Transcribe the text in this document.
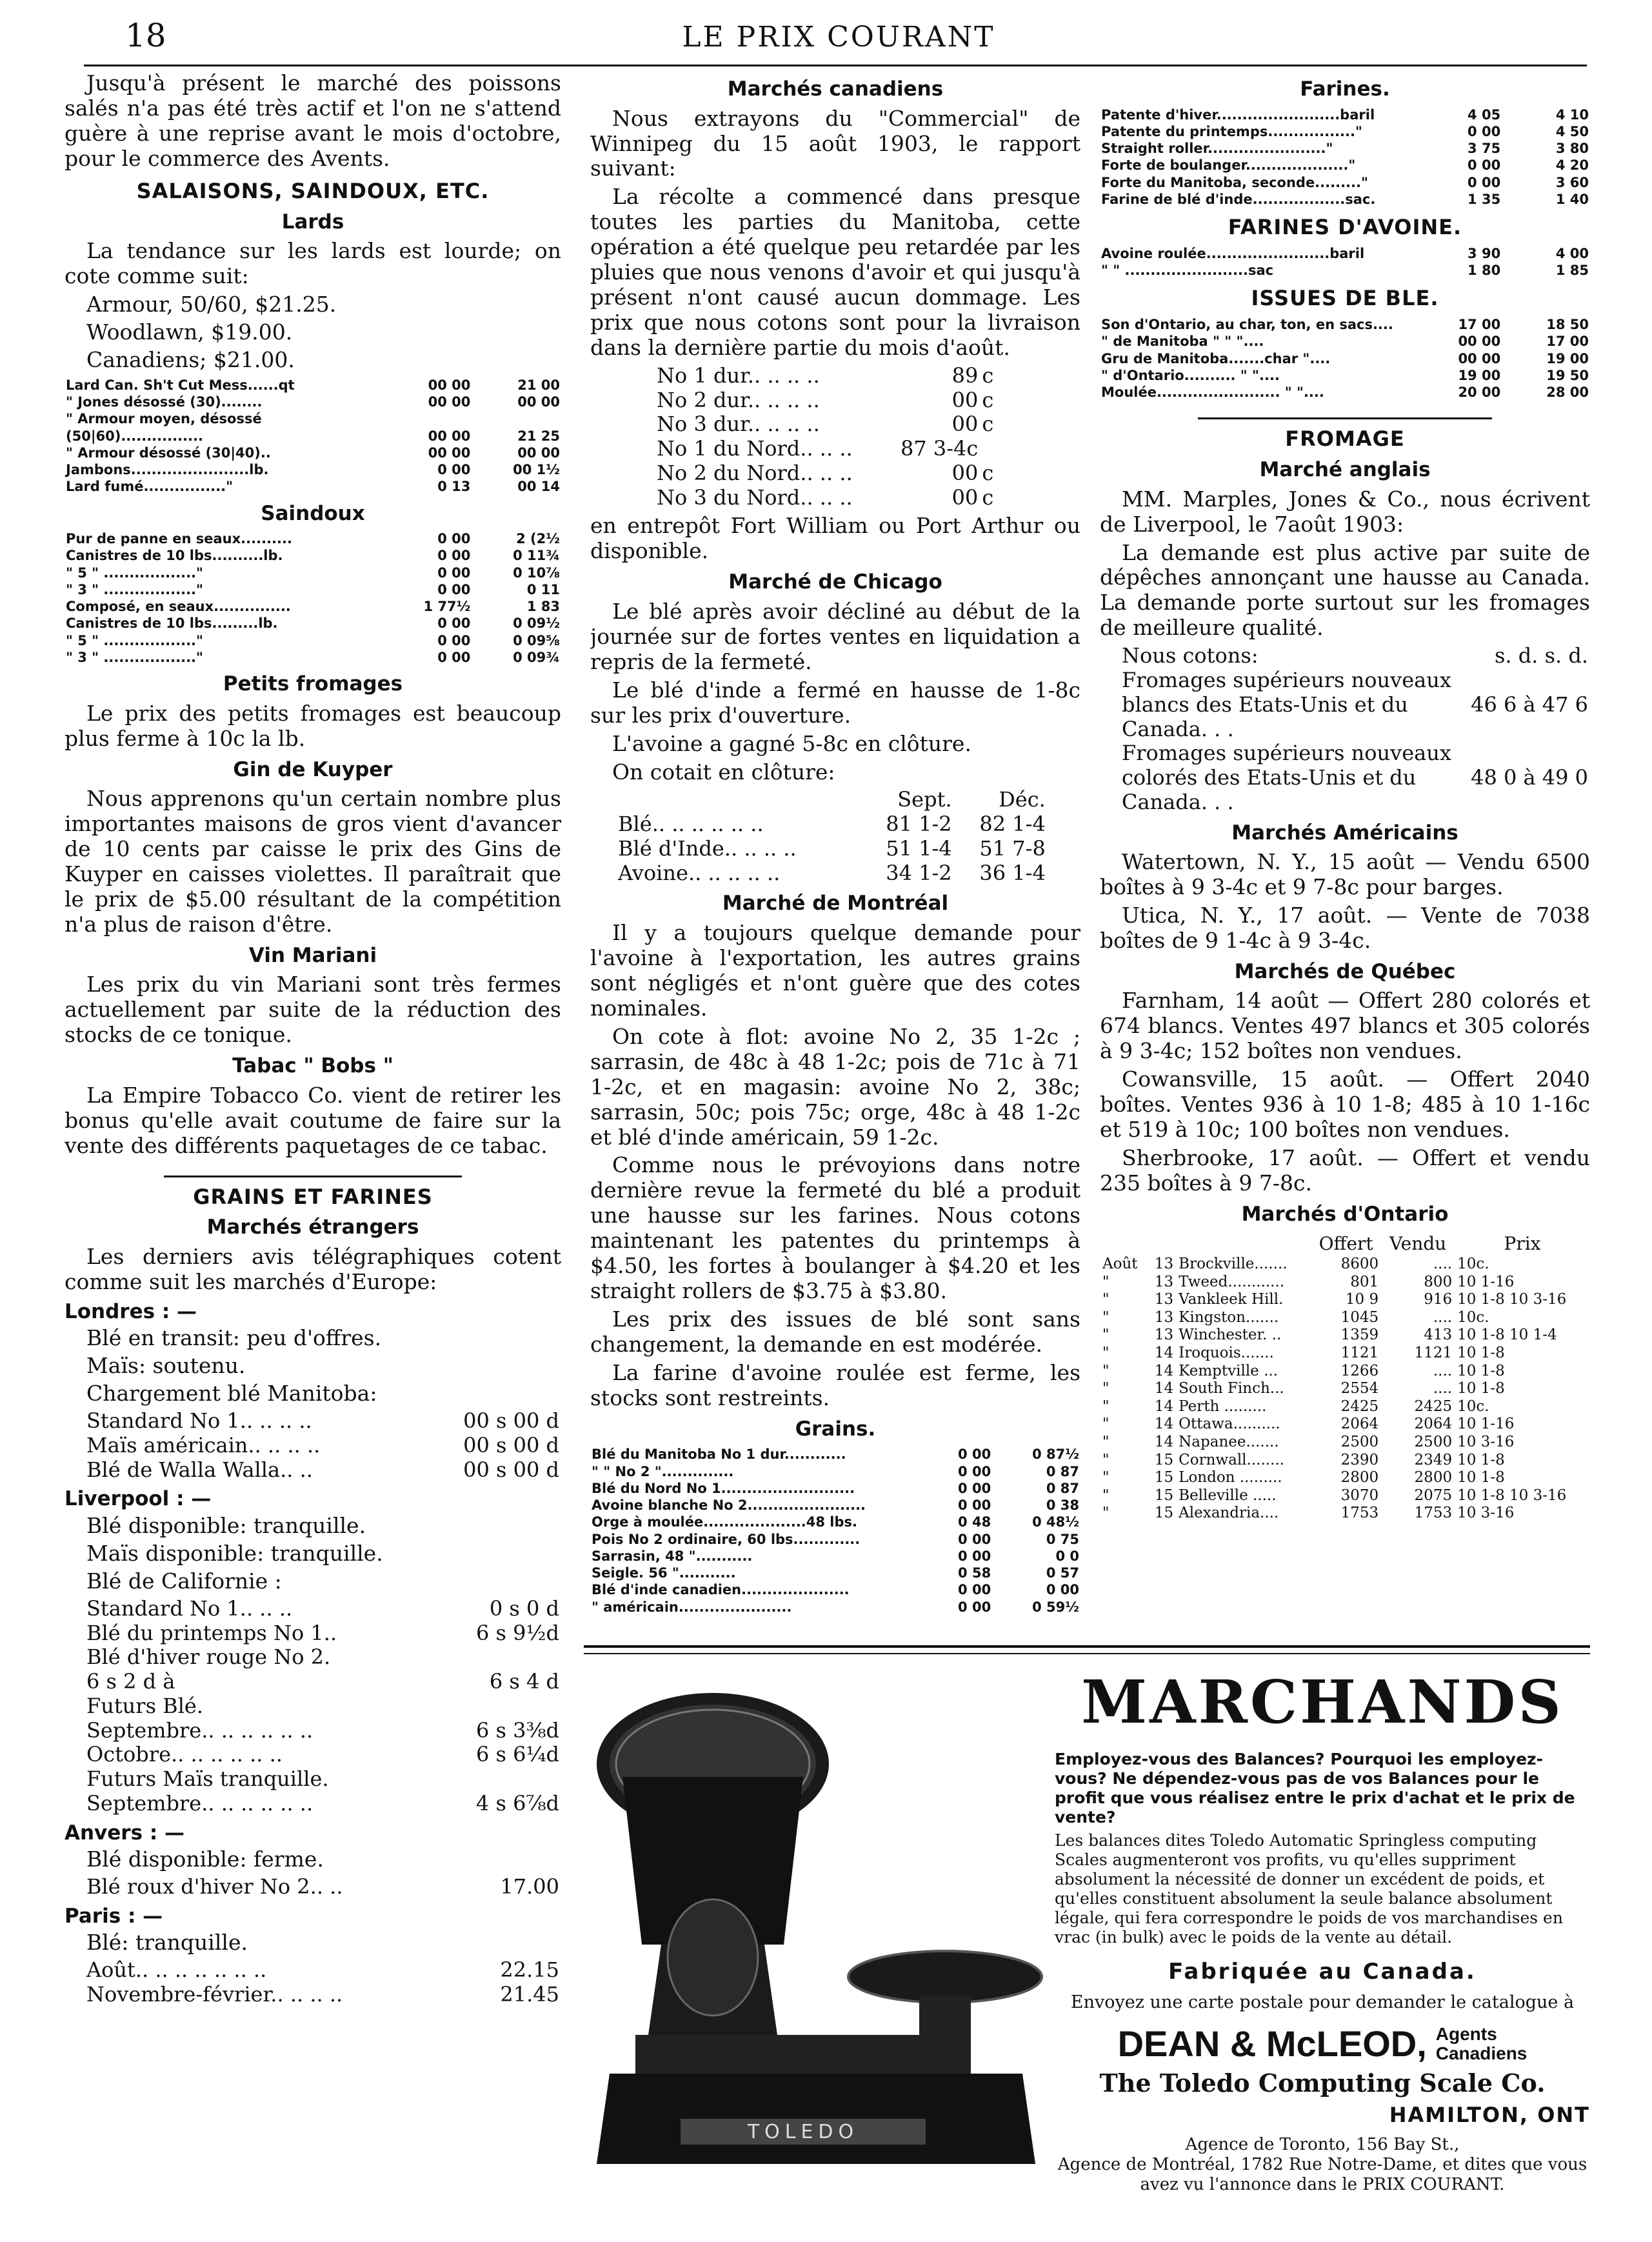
18	LE PRIX COURANT

Jusqu'à présent le marché des poissons salés n'a pas été très actif et l'on ne s'attend guère à une reprise avant le mois d'octobre, pour le commerce des Avents.

SALAISONS, SAINDOUX, ETC.
Lards

La tendance sur les lards est lourde; on cote comme suit:

Armour, 50/60, $21.25.

Woodlawn, $19.00.

Canadiens; $21.00.

Lard Can. Sh't Cut Mess......qt	00 00	21 00
" Jones désossé (30)........	00 00	00 00
" Armour moyen, désossé		
(50|60)................	00 00	21 25
" Armour désossé (30|40)..	00 00	00 00
Jambons.......................lb.	0 00	00 1½
Lard fumé................"	0 13	00 14
Saindoux
Pur de panne en seaux..........	0 00	2 (2½
Canistres de 10 lbs..........lb.	0 00	0 11¾
" 5 " .................."	0 00	0 10⅞
" 3 " .................."	0 00	0 11
Composé, en seaux...............	1 77½	1 83
Canistres de 10 lbs.........lb.	0 00	0 09½
" 5 " .................."	0 00	0 09⅝
" 3 " .................."	0 00	0 09¾
Petits fromages

Le prix des petits fromages est beaucoup plus ferme à 10c la lb.

Gin de Kuyper

Nous apprenons qu'un certain nombre plus importantes maisons de gros vient d'avancer de 10 cents par caisse le prix des Gins de Kuyper en caisses violettes. Il paraîtrait que le prix de $5.00 résultant de la compétition n'a plus de raison d'être.

Vin Mariani

Les prix du vin Mariani sont très fermes actuellement par suite de la réduction des stocks de ce tonique.

Tabac " Bobs "

La Empire Tobacco Co. vient de retirer les bonus qu'elle avait coutume de faire sur la vente des différents paquetages de ce tabac.

GRAINS ET FARINES
Marchés étrangers

Les derniers avis télégraphiques cotent comme suit les marchés d'Europe:

Londres : —

Blé en transit: peu d'offres.

Maïs: soutenu.

Chargement blé Manitoba:

Standard No 1.. .. .. ..	00 s 00 d
Maïs américain.. .. .. ..	00 s 00 d
Blé de Walla Walla.. ..	00 s 00 d
Liverpool : —

Blé disponible: tranquille.

Maïs disponible: tranquille.

Blé de Californie :

Standard No 1.. .. ..	0 s 0 d
Blé du printemps No 1..	6 s 9½d
Blé d'hiver rouge No 2.	
6 s 2 d à	6 s 4 d
Futurs Blé.	
Septembre.. .. .. .. .. ..	6 s 3⅜d
Octobre.. .. .. .. .. ..	6 s 6¼d
Futurs Maïs tranquille.	
Septembre.. .. .. .. .. ..	4 s 6⅞d
Anvers : —

Blé disponible: ferme.

Blé roux d'hiver No 2.. ..	17.00
Paris : —

Blé: tranquille.

Août.. .. .. .. .. .. ..	22.15
Novembre-février.. .. .. ..	21.45
Marchés canadiens

Nous extrayons du "Commercial" de Winnipeg du 15 août 1903, le rapport suivant:

La récolte a commencé dans presque toutes les parties du Manitoba, cette opération a été quelque peu retardée par les pluies que nous venons d'avoir et qui jusqu'à présent n'ont causé aucun dommage. Les prix que nous cotons sont pour la livraison dans la dernière partie du mois d'août.

No 1 dur.. .. .. ..	89	c
No 2 dur.. .. .. ..	00	c
No 3 dur.. .. .. ..	00	c
No 1 du Nord.. .. ..	87 3-4c	
No 2 du Nord.. .. ..	00	c
No 3 du Nord.. .. ..	00	c

en entrepôt Fort William ou Port Arthur ou disponible.

Marché de Chicago

Le blé après avoir décliné au début de la journée sur de fortes ventes en liquidation a repris de la fermeté.

Le blé d'inde a fermé en hausse de 1-8c sur les prix d'ouverture.

L'avoine a gagné 5-8c en clôture.

On cotait en clôture:

	Sept.	Déc.
Blé.. .. .. .. .. ..	81 1-2	82 1-4
Blé d'Inde.. .. .. ..	51 1-4	51 7-8
Avoine.. .. .. .. ..	34 1-2	36 1-4
Marché de Montréal

Il y a toujours quelque demande pour l'avoine à l'exportation, les autres grains sont négligés et n'ont guère que des cotes nominales.

On cote à flot: avoine No 2, 35 1-2c ; sarrasin, de 48c à 48 1-2c; pois de 71c à 71 1-2c, et en magasin: avoine No 2, 38c; sarrasin, 50c; pois 75c; orge, 48c à 48 1-2c et blé d'inde américain, 59 1-2c.

Comme nous le prévoyions dans notre dernière revue la fermeté du blé a produit une hausse sur les farines. Nous cotons maintenant les patentes du printemps à $4.50, les fortes à boulanger à $4.20 et les straight rollers de $3.75 à $3.80.

Les prix des issues de blé sont sans changement, la demande en est modérée.

La farine d'avoine roulée est ferme, les stocks sont restreints.

Grains.
Blé du Manitoba No 1 dur............	0 00	0 87½
" " No 2 "..............	0 00	0 87
Blé du Nord No 1..........................	0 00	0 87
Avoine blanche No 2.......................	0 00	0 38
Orge à moulée....................48 lbs.	0 48	0 48½
Pois No 2 ordinaire, 60 lbs.............	0 00	0 75
Sarrasin, 48 "...........	0 00	0 0
Seigle. 56 "...........	0 58	0 57
Blé d'inde canadien.....................	0 00	0 00
" américain......................	0 00	0 59½
Farines.
Patente d'hiver........................baril	4 05	4 10
Patente du printemps................."	0 00	4 50
Straight roller......................."	3 75	3 80
Forte de boulanger...................."	0 00	4 20
Forte du Manitoba, seconde........."	0 00	3 60
Farine de blé d'inde..................sac.	1 35	1 40
FARINES D'AVOINE.
Avoine roulée........................baril	3 90	4 00
" " ........................sac	1 80	1 85
ISSUES DE BLE.
Son d'Ontario, au char, ton, en sacs....	17 00	18 50
" de Manitoba " " "....	00 00	17 00
Gru de Manitoba.......char "....	00 00	19 00
" d'Ontario.......... " "....	19 00	19 50
Moulée........................ " "....	20 00	28 00
FROMAGE
Marché anglais

MM. Marples, Jones & Co., nous écrivent de Liverpool, le 7août 1903:

La demande est plus active par suite de dépêches annonçant une hausse au Canada. La demande porte surtout sur les fromages de meilleure qualité.

Nous cotons:	s. d. s. d.
Fromages supérieurs nouveaux blancs des Etats-Unis et du Canada. . .	46 6 à 47 6
Fromages supérieurs nouveaux colorés des Etats-Unis et du Canada. . .	48 0 à 49 0
Marchés Américains

Watertown, N. Y., 15 août — Vendu 6500 boîtes à 9 3-4c et 9 7-8c pour barges.

Utica, N. Y., 17 août. — Vente de 7038 boîtes de 9 1-4c à 9 3-4c.

Marchés de Québec

Farnham, 14 août — Offert 280 colorés et 674 blancs. Ventes 497 blancs et 305 colorés à 9 3-4c; 152 boîtes non vendues.

Cowansville, 15 août. — Offert 2040 boîtes. Ventes 936 à 10 1-8; 485 à 10 1-16c et 519 à 10c; 100 boîtes non vendues.

Sherbrooke, 17 août. — Offert et vendu 235 boîtes à 9 7-8c.

Marchés d'Ontario
			Offert	Vendu	Prix
Août	13	Brockville.......	8600	....	10c.
"	13	Tweed............	801	800	10 1-16
"	13	Vankleek Hill.	10 9	916	10 1-8 10 3-16
"	13	Kingston.......	1045	....	10c.
"	13	Winchester. ..	1359	413	10 1-8 10 1-4
"	14	Iroquois.......	1121	1121	10 1-8
"	14	Kemptville ...	1266	....	10 1-8
"	14	South Finch...	2554	....	10 1-8
"	14	Perth .........	2425	2425	10c.
"	14	Ottawa..........	2064	2064	10 1-16
"	14	Napanee.......	2500	2500	10 3-16
"	15	Cornwall........	2390	2349	10 1-8
"	15	London .........	2800	2800	10 1-8
"	15	Belleville .....	3070	2075	10 1-8 10 3-16
"	15	Alexandria....	1753	1753	10 3-16
TOLEDO
MARCHANDS
Employez-vous des Balances? Pourquoi les employez-vous? Ne dépendez-vous pas de vos Balances pour le profit que vous réalisez entre le prix d'achat et le prix de vente?
Les balances dites Toledo Automatic Springless computing Scales augmenteront vos profits, vu qu'elles suppriment absolument la nécessité de donner un excédent de poids, et qu'elles constituent absolument la seule balance absolument légale, qui fera correspondre le poids de vos marchandises en vrac (in bulk) avec le poids de la vente au détail.
Fabriquée au Canada.
Envoyez une carte postale pour demander le catalogue à
DEAN & McLEOD, Agents
Canadiens
The Toledo Computing Scale Co.
HAMILTON, ONT
Agence de Toronto, 156 Bay St.,
Agence de Montréal, 1782 Rue Notre-Dame, et dites que vous avez vu l'annonce dans le PRIX COURANT.
